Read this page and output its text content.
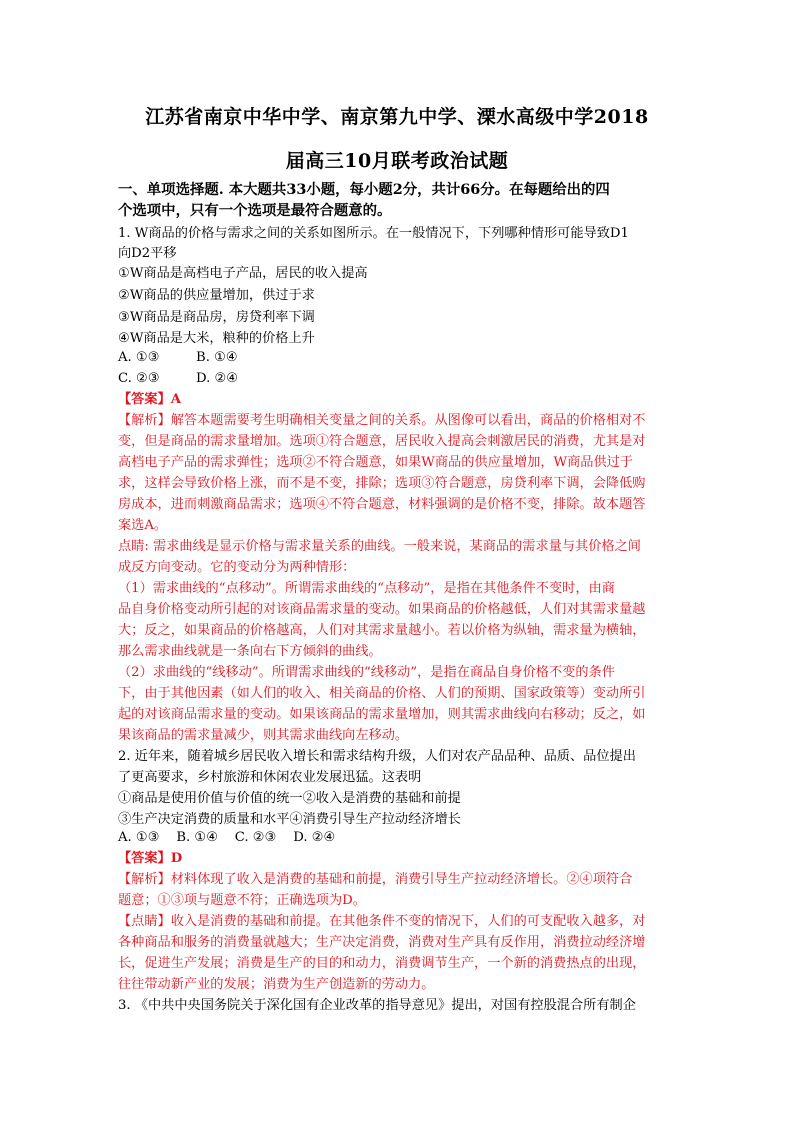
江苏省南京中华中学、南京第九中学、溧水高级中学2018
届高三10月联考政治试题
一、单项选择题. 本大题共33小题，每小题2分，共计66分。在每题给出的四
个选项中，只有一个选项是最符合题意的。
1. W商品的价格与需求之间的关系如图所示。在一般情况下，下列哪种情形可能导致D1
向D2平移
①W商品是高档电子产品，居民的收入提高
②W商品的供应量增加，供过于求
③W商品是商品房，房贷利率下调
④W商品是大米，粮种的价格上升
A. ①③	B. ①④
C. ②③	D. ②④
【答案】A
【解析】解答本题需要考生明确相关变量之间的关系。从图像可以看出，商品的价格相对不
变，但是商品的需求量增加。选项①符合题意，居民收入提高会刺激居民的消费，尤其是对
高档电子产品的需求弹性；选项②不符合题意，如果W商品的供应量增加，W商品供过于
求，这样会导致价格上涨，而不是不变，排除；选项③符合题意，房贷利率下调，会降低购
房成本，进而刺激商品需求；选项④不符合题意，材料强调的是价格不变，排除。故本题答
案选A。
点睛: 需求曲线是显示价格与需求量关系的曲线。一般来说，某商品的需求量与其价格之间
成反方向变动。它的变动分为两种情形：
（1）需求曲线的“点移动”。所谓需求曲线的“点移动”，是指在其他条件不变时，由商
品自身价格变动所引起的对该商品需求量的变动。如果商品的价格越低，人们对其需求量越
大；反之，如果商品的价格越高，人们对其需求量越小。若以价格为纵轴，需求量为横轴，
那么需求曲线就是一条向右下方倾斜的曲线。
（2）求曲线的“线移动”。所谓需求曲线的“线移动”，是指在商品自身价格不变的条件
下，由于其他因素（如人们的收入、相关商品的价格、人们的预期、国家政策等）变动所引
起的对该商品需求量的变动。如果该商品的需求量增加，则其需求曲线向右移动；反之，如
果该商品的需求量减少，则其需求曲线向左移动。
2. 近年来，随着城乡居民收入增长和需求结构升级，人们对农产品品种、品质、品位提出
了更高要求，乡村旅游和休闲农业发展迅猛。这表明
①商品是使用价值与价值的统一②收入是消费的基础和前提
③生产决定消费的质量和水平④消费引导生产拉动经济增长
A. ①③    B. ①④    C. ②③    D. ②④
【答案】D
【解析】材料体现了收入是消费的基础和前提，消费引导生产拉动经济增长。②④项符合
题意；①③项与题意不符；正确选项为D。
【点睛】收入是消费的基础和前提。在其他条件不变的情况下，人们的可支配收入越多，对
各种商品和服务的消费量就越大；生产决定消费，消费对生产具有反作用，消费拉动经济增
长，促进生产发展；消费是生产的目的和动力，消费调节生产，一个新的消费热点的出现，
往往带动新产业的发展；消费为生产创造新的劳动力。
3. 《中共中央国务院关于深化国有企业改革的指导意见》提出，对国有控股混合所有制企
